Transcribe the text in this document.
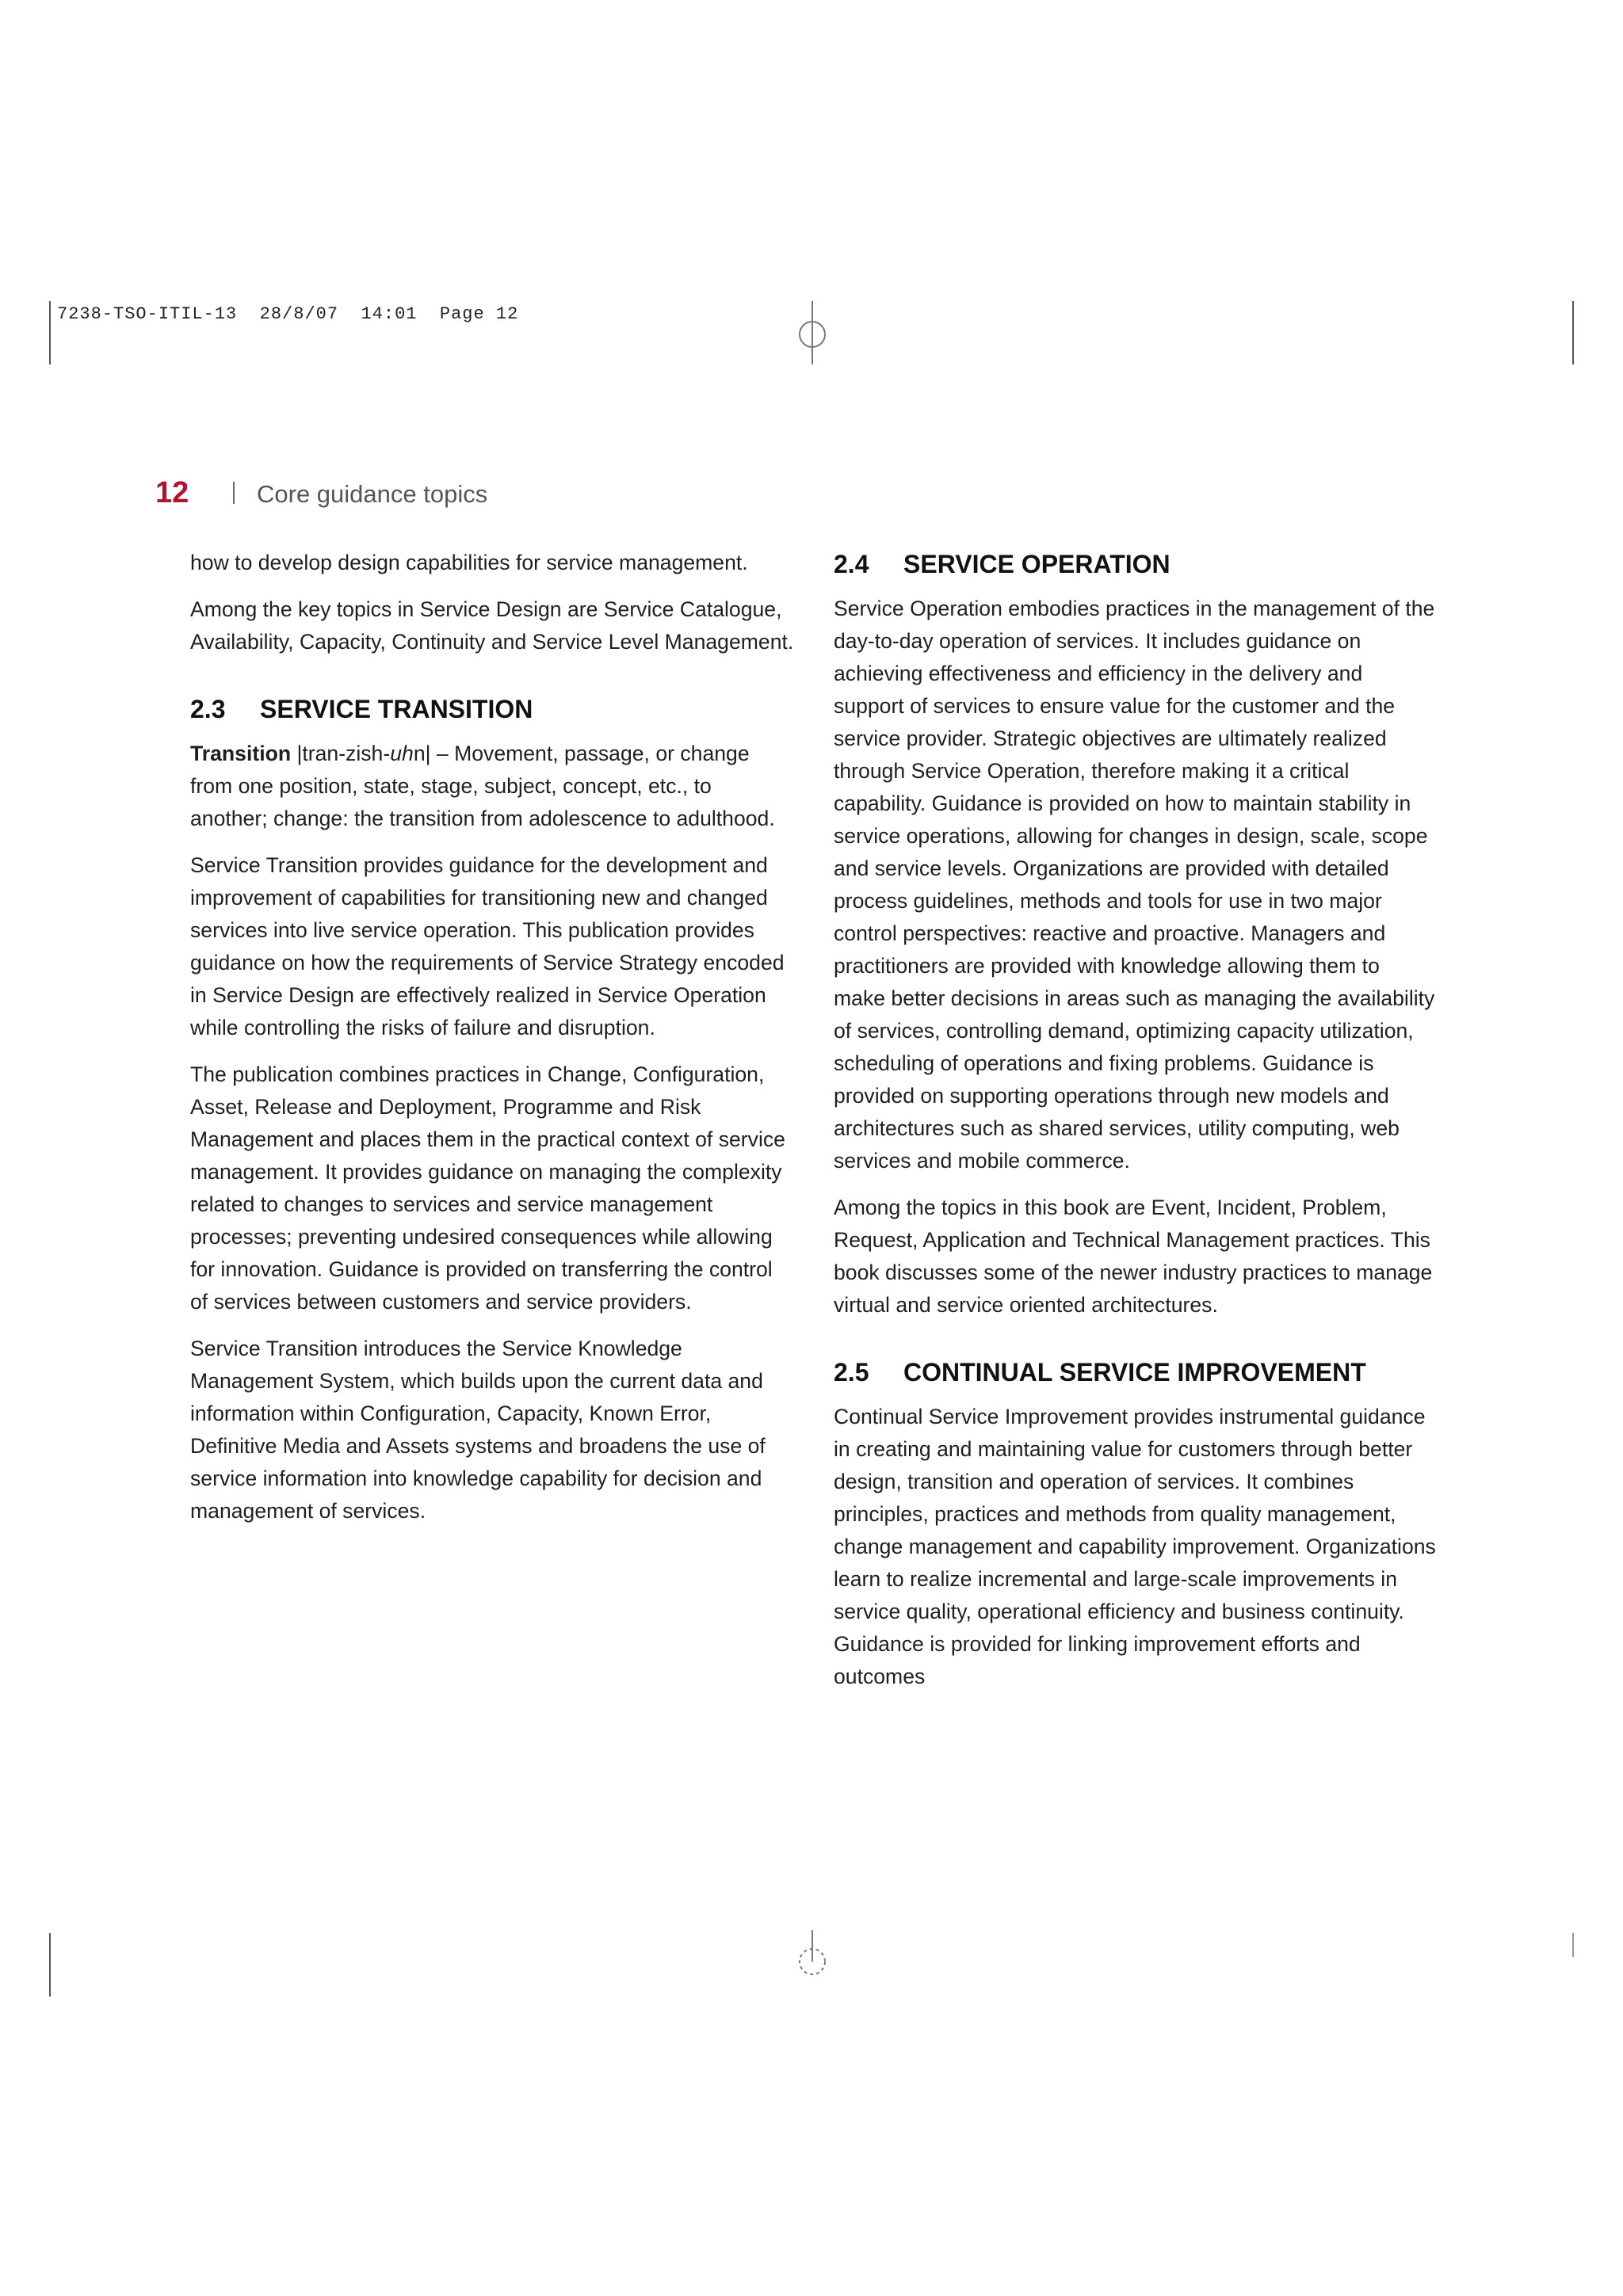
7238-TSO-ITIL-13  28/8/07  14:01  Page 12
12	Core guidance topics

how to develop design capabilities for service management.

Among the key topics in Service Design are Service Catalogue, Availability, Capacity, Continuity and Service Level Management.

2.3 SERVICE TRANSITION

Transition |tran-zish-uhn| – Movement, passage, or change from one position, state, stage, subject, concept, etc., to another; change: the transition from adolescence to adulthood.

Service Transition provides guidance for the development and improvement of capabilities for transitioning new and changed services into live service operation. This publication provides guidance on how the requirements of Service Strategy encoded in Service Design are effectively realized in Service Operation while controlling the risks of failure and disruption.

The publication combines practices in Change, Configuration, Asset, Release and Deployment, Programme and Risk Management and places them in the practical context of service management. It provides guidance on managing the complexity related to changes to services and service management processes; preventing undesired consequences while allowing for innovation. Guidance is provided on transferring the control of services between customers and service providers.

Service Transition introduces the Service Knowledge Management System, which builds upon the current data and information within Configuration, Capacity, Known Error, Definitive Media and Assets systems and broadens the use of service information into knowledge capability for decision and management of services.

2.4 SERVICE OPERATION

Service Operation embodies practices in the management of the day-to-day operation of services. It includes guidance on achieving effectiveness and efficiency in the delivery and support of services to ensure value for the customer and the service provider. Strategic objectives are ultimately realized through Service Operation, therefore making it a critical capability. Guidance is provided on how to maintain stability in service operations, allowing for changes in design, scale, scope and service levels. Organizations are provided with detailed process guidelines, methods and tools for use in two major control perspectives: reactive and proactive. Managers and practitioners are provided with knowledge allowing them to make better decisions in areas such as managing the availability of services, controlling demand, optimizing capacity utilization, scheduling of operations and fixing problems. Guidance is provided on supporting operations through new models and architectures such as shared services, utility computing, web services and mobile commerce.

Among the topics in this book are Event, Incident, Problem, Request, Application and Technical Management practices. This book discusses some of the newer industry practices to manage virtual and service oriented architectures.

2.5 CONTINUAL SERVICE IMPROVEMENT

Continual Service Improvement provides instrumental guidance in creating and maintaining value for customers through better design, transition and operation of services. It combines principles, practices and methods from quality management, change management and capability improvement. Organizations learn to realize incremental and large-scale improvements in service quality, operational efficiency and business continuity. Guidance is provided for linking improvement efforts and outcomes
